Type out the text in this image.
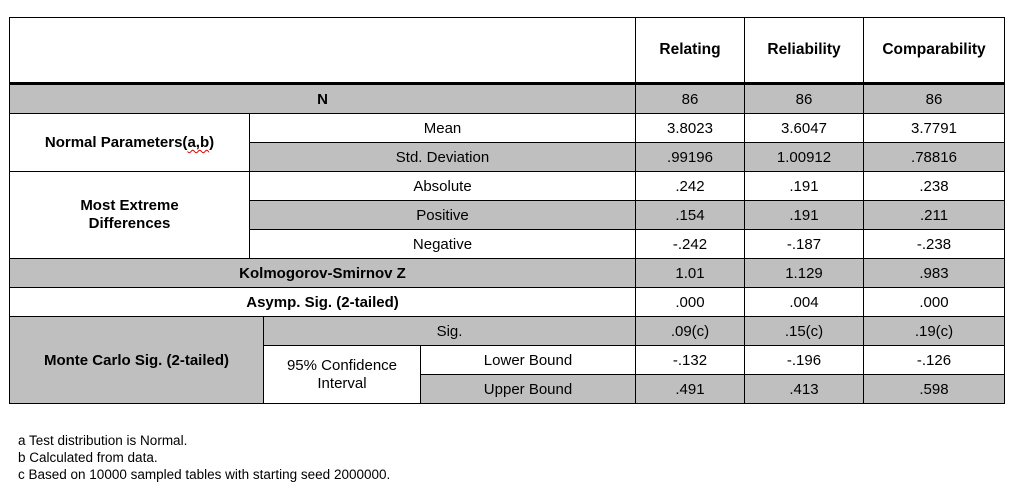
				Relating	Reliability	Comparability
N				86	86	86
Normal Parameters(a,b)	Mean			3.8023	3.6047	3.7791
	Std. Deviation			.99196	1.00912	.78816
Most Extreme Differences	Absolute			.242	.191	.238
	Positive			.154	.191	.211
	Negative			-.242	-.187	-.238
Kolmogorov-Smirnov Z				1.01	1.129	.983
Asymp. Sig. (2-tailed)				.000	.004	.000
Monte Carlo Sig. (2-tailed)		Sig.		.09(c)	.15(c)	.19(c)
		95% Confidence Interval	Lower Bound	-.132	-.196	-.126
			Upper Bound	.491	.413	.598
a Test distribution is Normal.
b Calculated from data.
c Based on 10000 sampled tables with starting seed 2000000.
